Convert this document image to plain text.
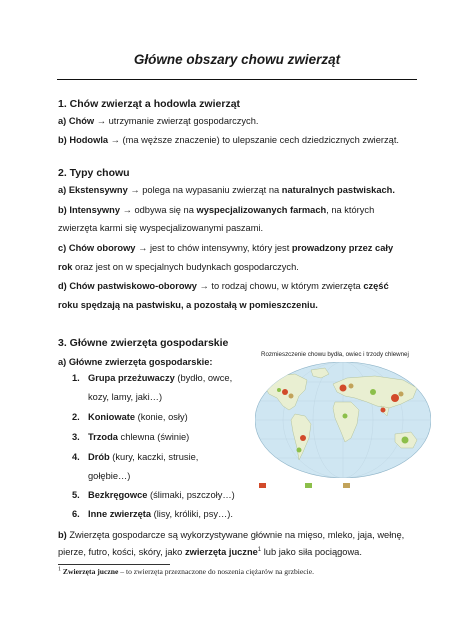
Główne obszary chowu zwierząt
1. Chów zwierząt a hodowla zwierząt
a) Chów → utrzymanie zwierząt gospodarczych.
b) Hodowla → (ma węższe znaczenie) to ulepszanie cech dziedzicznych zwierząt.
2. Typy chowu
a) Ekstensywny → polega na wypasaniu zwierząt na naturalnych pastwiskach.
b) Intensywny → odbywa się na wyspecjalizowanych farmach, na których
zwierzęta karmi się wyspecjalizowanymi paszami.
c) Chów oborowy → jest to chów intensywny, który jest prowadzony przez cały
rok oraz jest on w specjalnych budynkach gospodarczych.
d) Chów pastwiskowo-oborowy → to rodzaj chowu, w którym zwierzęta część
roku spędzają na pastwisku, a pozostałą w pomieszczeniu.
3. Główne zwierzęta gospodarskie
a) Główne zwierzęta gospodarskie:
1. Grupa przeżuwaczy (bydło, owce,
kozy, lamy, jaki…)
2. Koniowate (konie, osły)
3. Trzoda chlewna (świnie)
4. Drób (kury, kaczki, strusie,
gołębie…)
5. Bezkręgowce (ślimaki, pszczoły…)
6. Inne zwierzęta (lisy, króliki, psy…).
b) Zwierzęta gospodarcze są wykorzystywane głównie na mięso, mleko, jaja, wełnę,
pierze, futro, kości, skóry, jako zwierzęta juczne$^1$ lub jako siła pociągowa.
Rozmieszczenie chowu bydła, owiec i trzody chlewnej
$^1$ Zwierzęta juczne – to zwierzęta przeznaczone do noszenia ciężarów na grzbiecie.
